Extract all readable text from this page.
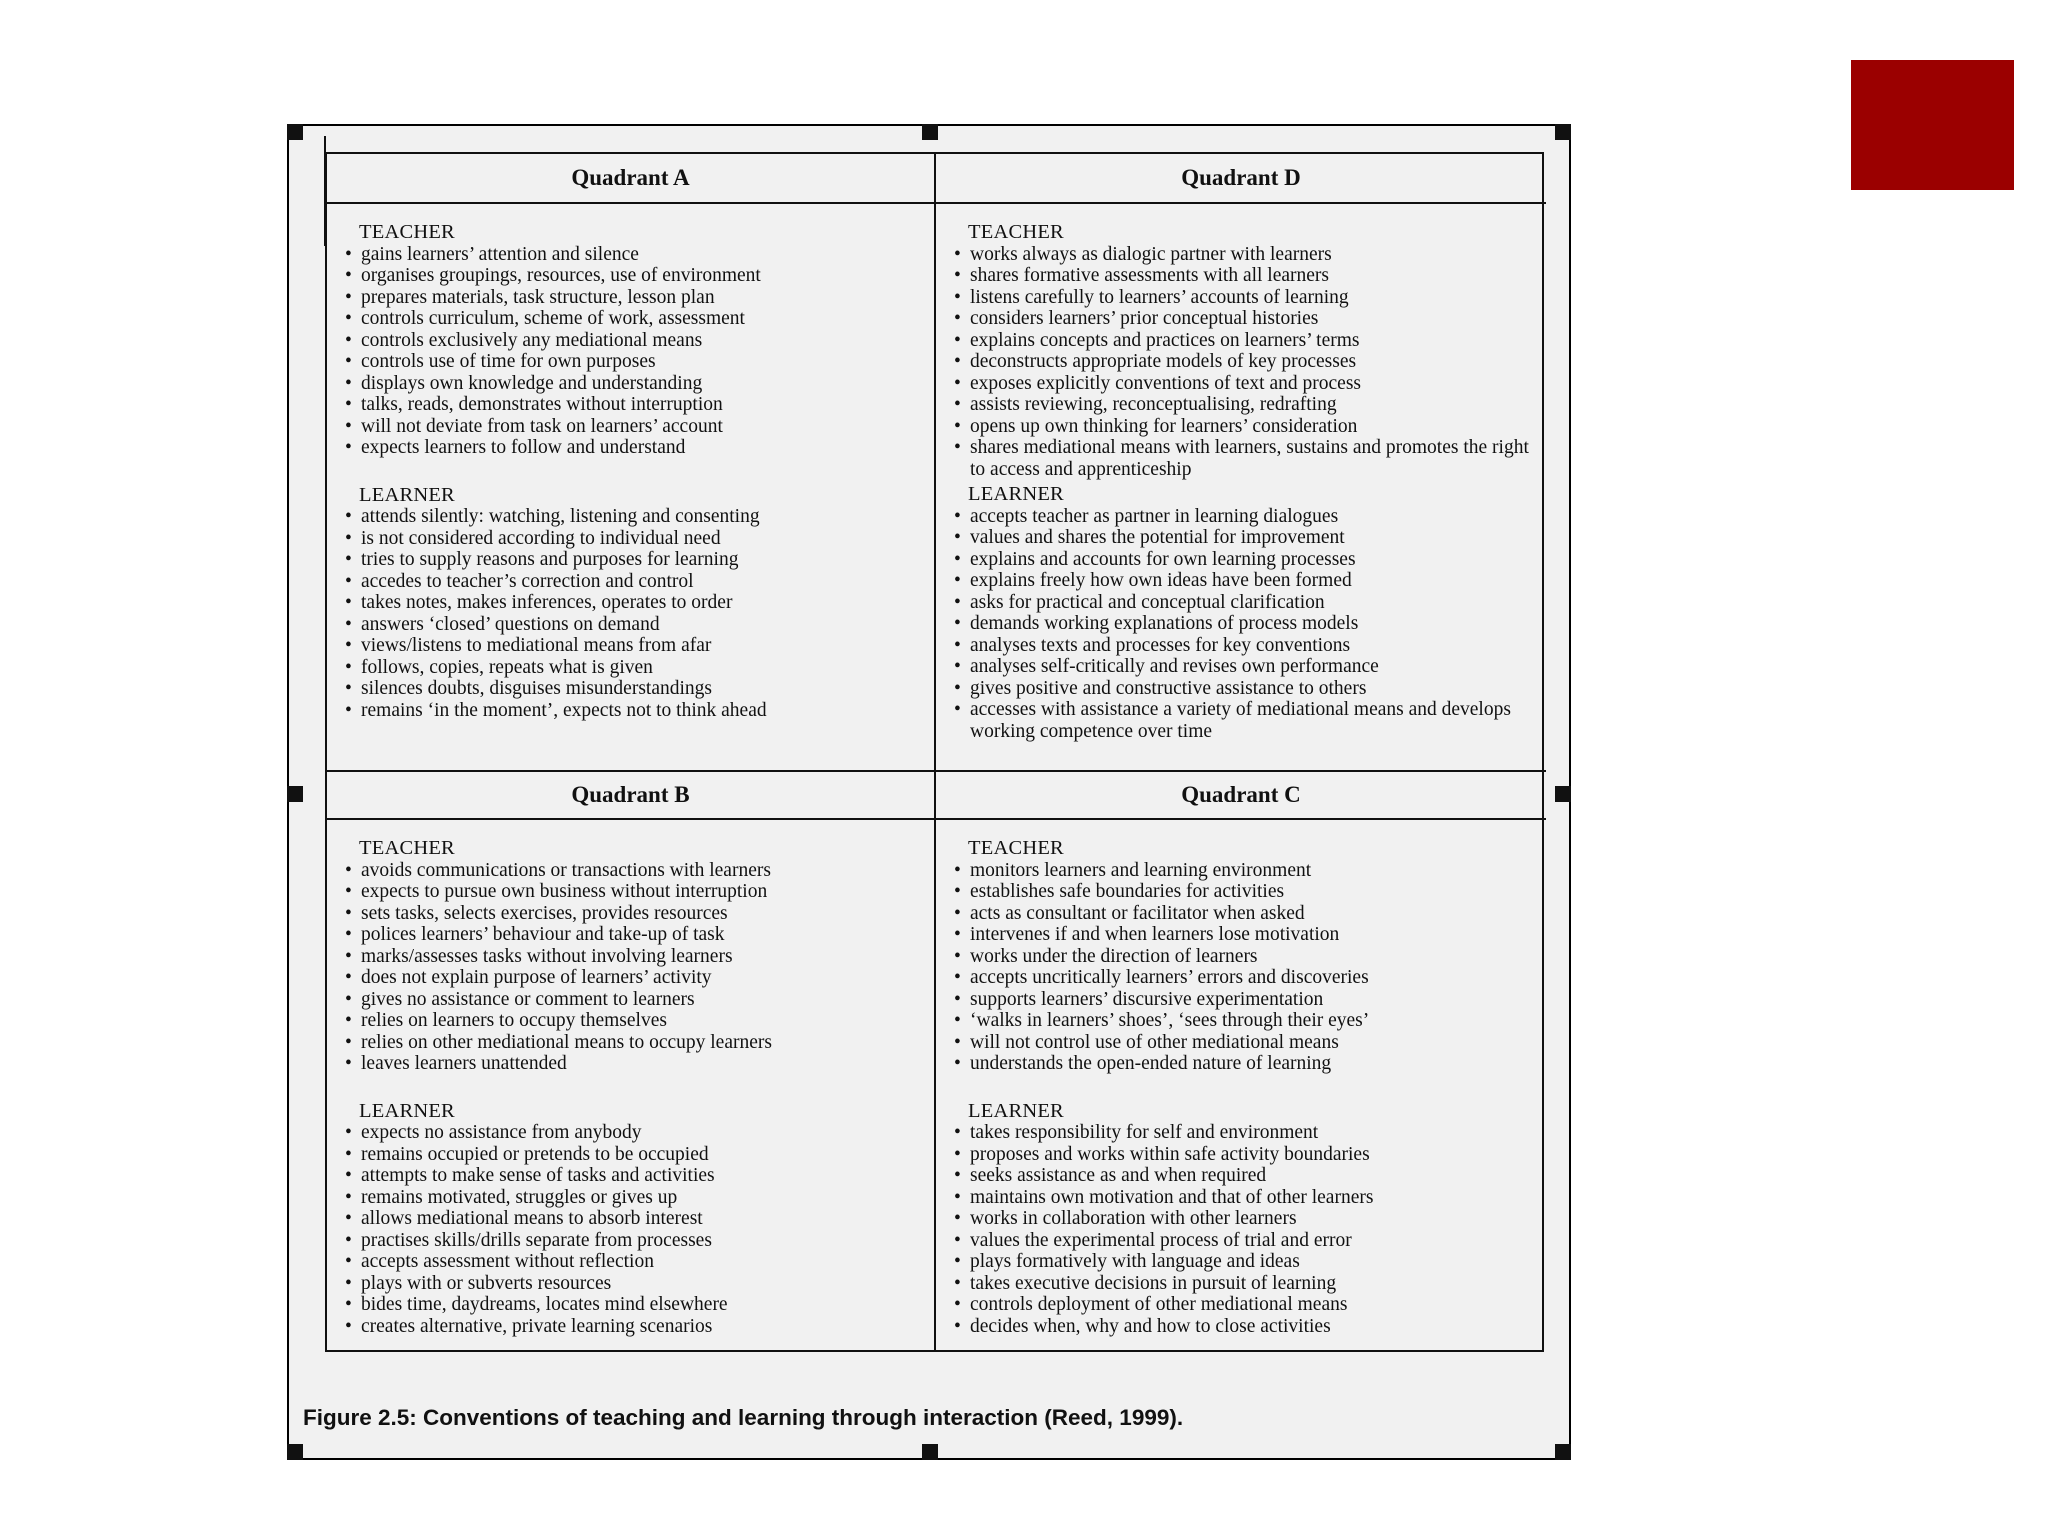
Quadrant A	Quadrant D
TEACHER
• gains learners’ attention and silence
• organises groupings, resources, use of environment
• prepares materials, task structure, lesson plan
• controls curriculum, scheme of work, assessment
• controls exclusively any mediational means
• controls use of time for own purposes
• displays own knowledge and understanding
• talks, reads, demonstrates without interruption
• will not deviate from task on learners’ account
• expects learners to follow and understand
LEARNER
• attends silently: watching, listening and consenting
• is not considered according to individual need
• tries to supply reasons and purposes for learning
• accedes to teacher’s correction and control
• takes notes, makes inferences, operates to order
• answers ‘closed’ questions on demand
• views/listens to mediational means from afar
• follows, copies, repeats what is given
• silences doubts, disguises misunderstandings
• remains ‘in the moment’, expects not to think ahead
TEACHER
• works always as dialogic partner with learners
• shares formative assessments with all learners
• listens carefully to learners’ accounts of learning
• considers learners’ prior conceptual histories
• explains concepts and practices on learners’ terms
• deconstructs appropriate models of key processes
• exposes explicitly conventions of text and process
• assists reviewing, reconceptualising, redrafting
• opens up own thinking for learners’ consideration
• shares mediational means with learners, sustains and promotes the right to access and apprenticeship
LEARNER
• accepts teacher as partner in learning dialogues
• values and shares the potential for improvement
• explains and accounts for own learning processes
• explains freely how own ideas have been formed
• asks for practical and conceptual clarification
• demands working explanations of process models
• analyses texts and processes for key conventions
• analyses self-critically and revises own performance
• gives positive and constructive assistance to others
• accesses with assistance a variety of mediational means and develops working competence over time
Quadrant B	Quadrant C
TEACHER
• avoids communications or transactions with learners
• expects to pursue own business without interruption
• sets tasks, selects exercises, provides resources
• polices learners’ behaviour and take-up of task
• marks/assesses tasks without involving learners
• does not explain purpose of learners’ activity
• gives no assistance or comment to learners
• relies on learners to occupy themselves
• relies on other mediational means to occupy learners
• leaves learners unattended
LEARNER
• expects no assistance from anybody
• remains occupied or pretends to be occupied
• attempts to make sense of tasks and activities
• remains motivated, struggles or gives up
• allows mediational means to absorb interest
• practises skills/drills separate from processes
• accepts assessment without reflection
• plays with or subverts resources
• bides time, daydreams, locates mind elsewhere
• creates alternative, private learning scenarios
TEACHER
• monitors learners and learning environment
• establishes safe boundaries for activities
• acts as consultant or facilitator when asked
• intervenes if and when learners lose motivation
• works under the direction of learners
• accepts uncritically learners’ errors and discoveries
• supports learners’ discursive experimentation
• ‘walks in learners’ shoes’, ‘sees through their eyes’
• will not control use of other mediational means
• understands the open-ended nature of learning
LEARNER
• takes responsibility for self and environment
• proposes and works within safe activity boundaries
• seeks assistance as and when required
• maintains own motivation and that of other learners
• works in collaboration with other learners
• values the experimental process of trial and error
• plays formatively with language and ideas
• takes executive decisions in pursuit of learning
• controls deployment of other mediational means
• decides when, why and how to close activities
Figure 2.5: Conventions of teaching and learning through interaction (Reed, 1999).
